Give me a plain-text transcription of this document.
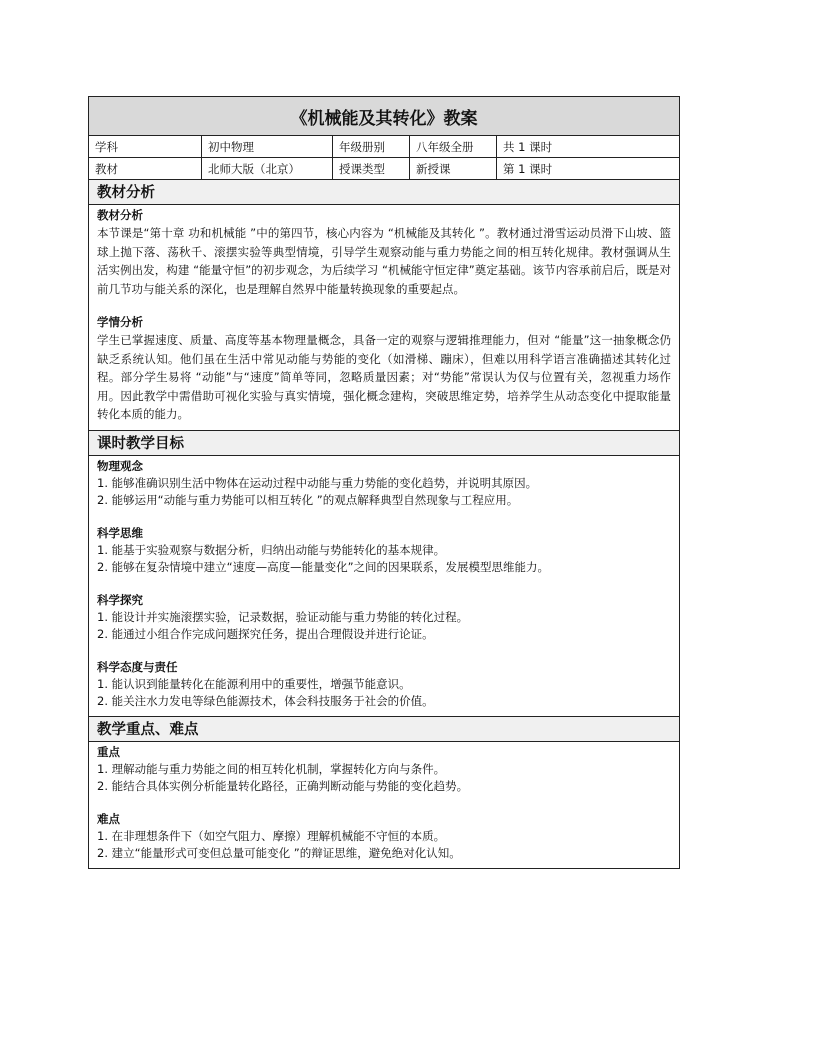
《机械能及其转化》教案
学科	初中物理	年级册别	八年级全册	共 1 课时
教材	北师大版（北京）	授课类型	新授课	第 1 课时
教材分析
教材分析
本节课是“第十章 功和机械能 ”中的第四节，核心内容为 “机械能及其转化 ”。教材通过滑雪运动员滑下山坡、篮球上抛下落、荡秋千、滚摆实验等典型情境，引导学生观察动能与重力势能之间的相互转化规律。教材强调从生活实例出发，构建 “能量守恒”的初步观念，为后续学习 “机械能守恒定律”奠定基础。该节内容承前启后，既是对前几节功与能关系的深化，也是理解自然界中能量转换现象的重要起点。
学情分析
学生已掌握速度、质量、高度等基本物理量概念，具备一定的观察与逻辑推理能力，但对 “能量”这一抽象概念仍缺乏系统认知。他们虽在生活中常见动能与势能的变化（如滑梯、蹦床），但难以用科学语言准确描述其转化过程。部分学生易将 “动能”与“速度”简单等同，忽略质量因素；对“势能”常误认为仅与位置有关，忽视重力场作用。因此教学中需借助可视化实验与真实情境，强化概念建构，突破思维定势，培养学生从动态变化中提取能量转化本质的能力。
课时教学目标
物理观念
1. 能够准确识别生活中物体在运动过程中动能与重力势能的变化趋势，并说明其原因。
2. 能够运用“动能与重力势能可以相互转化 ”的观点解释典型自然现象与工程应用。
科学思维
1. 能基于实验观察与数据分析，归纳出动能与势能转化的基本规律。
2. 能够在复杂情境中建立“速度—高度—能量变化”之间的因果联系，发展模型思维能力。
科学探究
1. 能设计并实施滚摆实验，记录数据，验证动能与重力势能的转化过程。
2. 能通过小组合作完成问题探究任务，提出合理假设并进行论证。
科学态度与责任
1. 能认识到能量转化在能源利用中的重要性，增强节能意识。
2. 能关注水力发电等绿色能源技术，体会科技服务于社会的价值。
教学重点、难点
重点
1. 理解动能与重力势能之间的相互转化机制，掌握转化方向与条件。
2. 能结合具体实例分析能量转化路径，正确判断动能与势能的变化趋势。
难点
1. 在非理想条件下（如空气阻力、摩擦）理解机械能不守恒的本质。
2. 建立“能量形式可变但总量可能变化 ”的辩证思维，避免绝对化认知。
